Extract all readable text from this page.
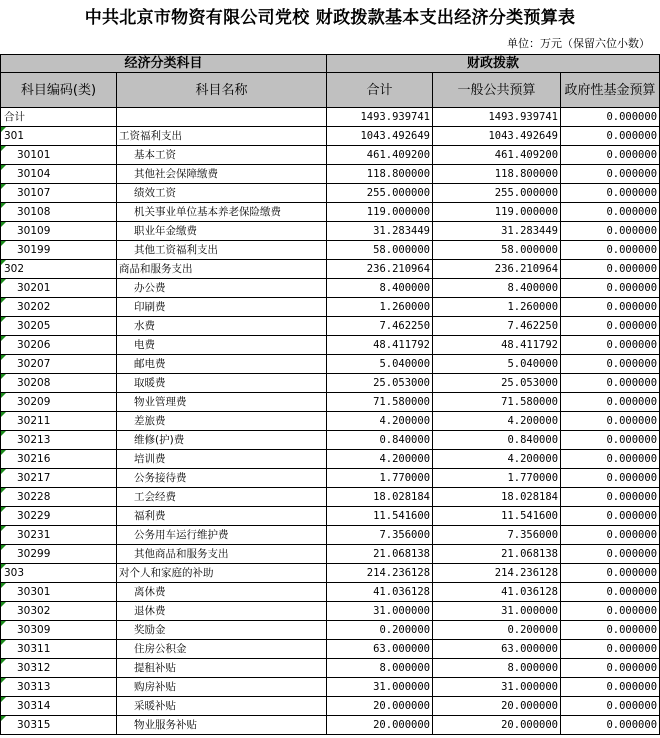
中共北京市物资有限公司党校 财政拨款基本支出经济分类预算表
单位：万元（保留六位小数）
经济分类科目		财政拨款		
科目编码(类)	科目名称	合计	一般公共预算	政府性基金预算
合计		1493.939741	1493.939741	0.000000

301	工资福利支出	1043.492649	1043.492649	0.000000

30101	基本工资	461.409200	461.409200	0.000000

30104	其他社会保障缴费	118.800000	118.800000	0.000000

30107	绩效工资	255.000000	255.000000	0.000000

30108	机关事业单位基本养老保险缴费	119.000000	119.000000	0.000000

30109	职业年金缴费	31.283449	31.283449	0.000000

30199	其他工资福利支出	58.000000	58.000000	0.000000

302	商品和服务支出	236.210964	236.210964	0.000000

30201	办公费	8.400000	8.400000	0.000000

30202	印刷费	1.260000	1.260000	0.000000

30205	水费	7.462250	7.462250	0.000000

30206	电费	48.411792	48.411792	0.000000

30207	邮电费	5.040000	5.040000	0.000000

30208	取暖费	25.053000	25.053000	0.000000

30209	物业管理费	71.580000	71.580000	0.000000

30211	差旅费	4.200000	4.200000	0.000000

30213	维修(护)费	0.840000	0.840000	0.000000

30216	培训费	4.200000	4.200000	0.000000

30217	公务接待费	1.770000	1.770000	0.000000

30228	工会经费	18.028184	18.028184	0.000000

30229	福利费	11.541600	11.541600	0.000000

30231	公务用车运行维护费	7.356000	7.356000	0.000000

30299	其他商品和服务支出	21.068138	21.068138	0.000000

303	对个人和家庭的补助	214.236128	214.236128	0.000000

30301	离休费	41.036128	41.036128	0.000000

30302	退休费	31.000000	31.000000	0.000000

30309	奖励金	0.200000	0.200000	0.000000

30311	住房公积金	63.000000	63.000000	0.000000

30312	提租补贴	8.000000	8.000000	0.000000

30313	购房补贴	31.000000	31.000000	0.000000

30314	采暖补贴	20.000000	20.000000	0.000000

30315	物业服务补贴	20.000000	20.000000	0.000000
